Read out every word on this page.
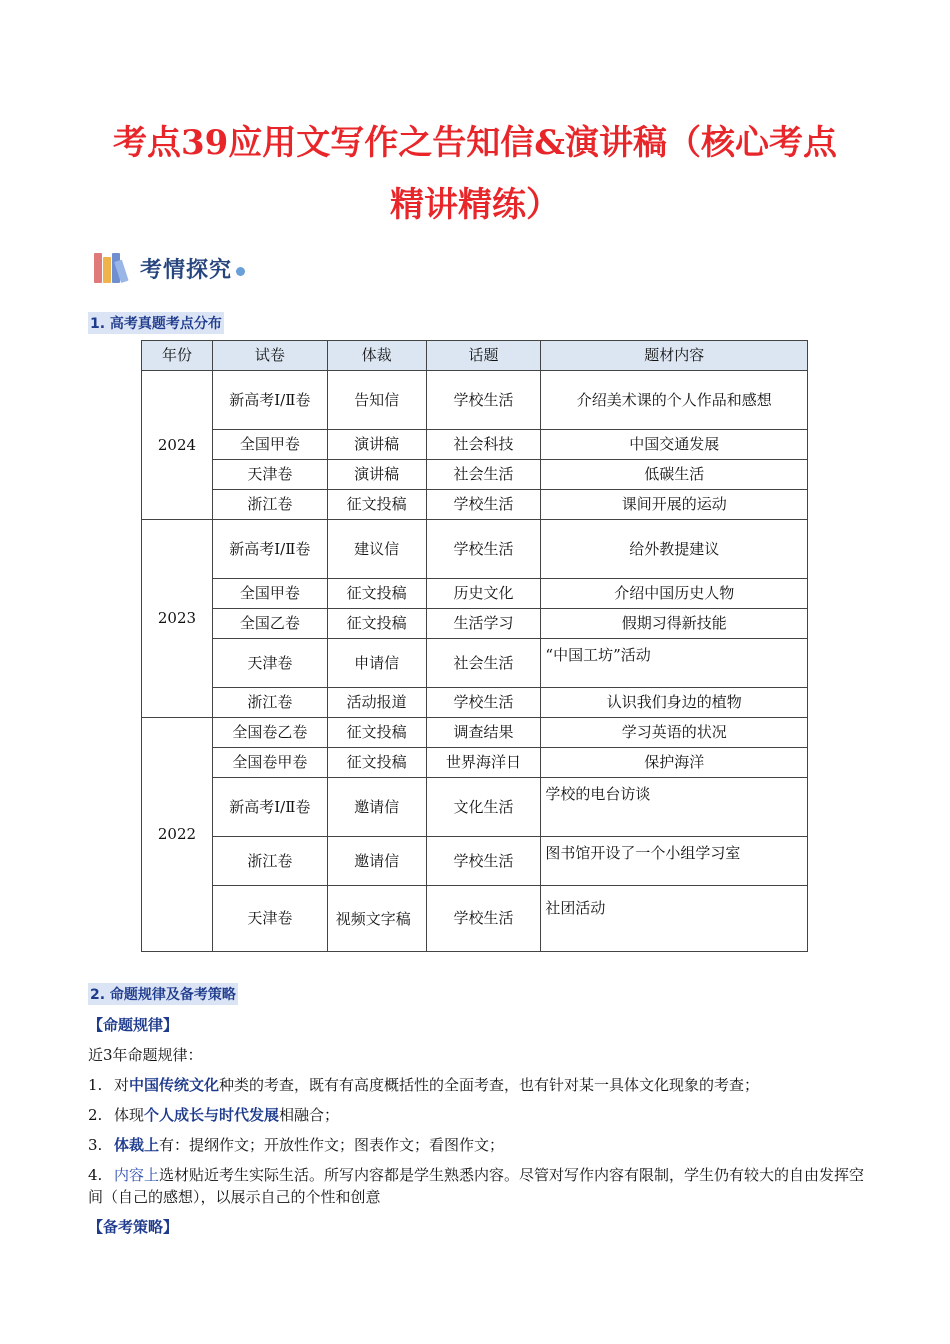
考点39应用文写作之告知信&演讲稿（核心考点
精讲精练）
考情探究
1. 高考真题考点分布
年份	试卷	体裁	话题	题材内容
2024	新高考Ⅰ/Ⅱ卷	告知信	学校生活	介绍美术课的个人作品和感想
	全国甲卷	演讲稿	社会科技	中国交通发展
	天津卷	演讲稿	社会生活	低碳生活
	浙江卷	征文投稿	学校生活	课间开展的运动
2023	新高考Ⅰ/Ⅱ卷	建议信	学校生活	给外教提建议
	全国甲卷	征文投稿	历史文化	介绍中国历史人物
	全国乙卷	征文投稿	生活学习	假期习得新技能
	天津卷	申请信	社会生活	“中国工坊”活动
	浙江卷	活动报道	学校生活	认识我们身边的植物
2022	全国卷乙卷	征文投稿	调查结果	学习英语的状况
	全国卷甲卷	征文投稿	世界海洋日	保护海洋
	新高考Ⅰ/Ⅱ卷	邀请信	文化生活	学校的电台访谈
	浙江卷	邀请信	学校生活	图书馆开设了一个小组学习室
	天津卷	视频文字稿	学校生活	社团活动
2. 命题规律及备考策略
【命题规律】
近3年命题规律：
1. 对中国传统文化种类的考查，既有有高度概括性的全面考查，也有针对某一具体文化现象的考查；
2. 体现个人成长与时代发展相融合；
3. 体裁上有：提纲作文；开放性作文；图表作文；看图作文；
4. 内容上选材贴近考生实际生活。所写内容都是学生熟悉内容。尽管对写作内容有限制，学生仍有较大的自由发挥空间（自己的感想），以展示自己的个性和创意
【备考策略】
